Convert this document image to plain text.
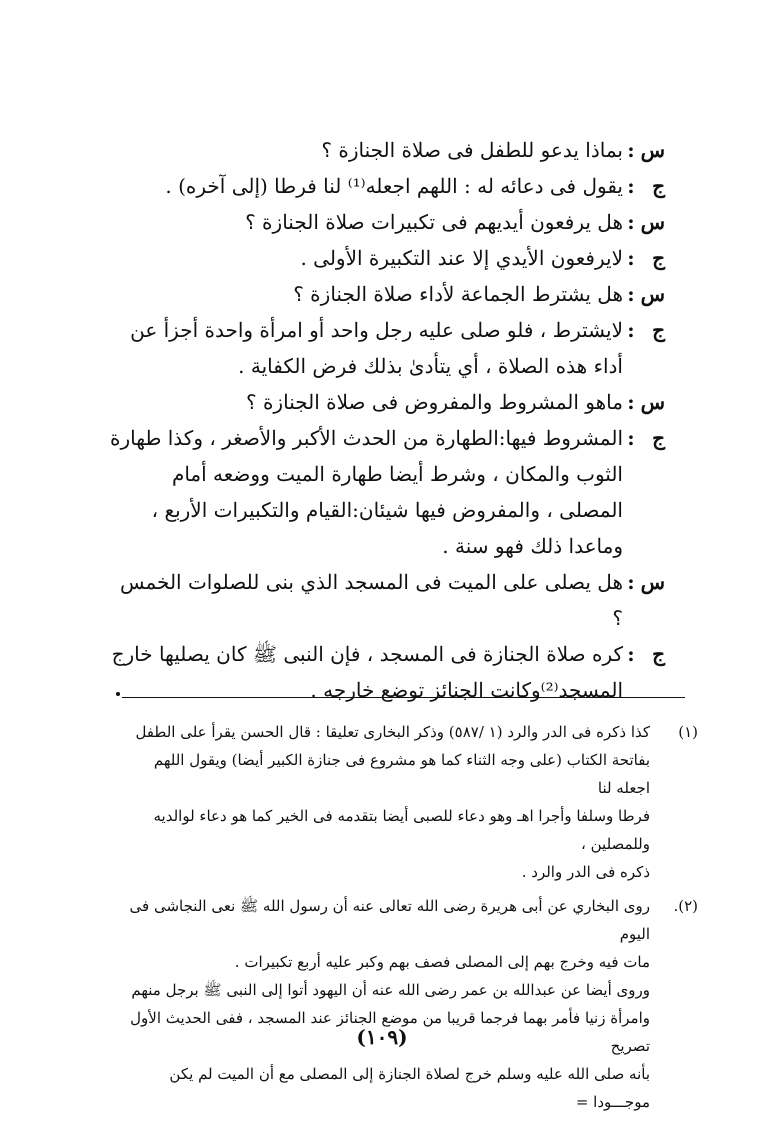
س
:
بماذا يدعو للطفل فى صلاة الجنازة ؟
ج
:
يقول فى دعائه له : اللهم اجعله⁽¹⁾ لنا فرطا (إلى آخره) .
س
:
هل يرفعون أيديهم فى تكبيرات صلاة الجنازة ؟
ج
:
لايرفعون الأيدي إلا عند التكبيرة الأولى .
س
:
هل يشترط الجماعة لأداء صلاة الجنازة ؟
ج
:
لايشترط ، فلو صلى عليه رجل واحد أو امرأة واحدة أجزأ عن أداء هذه الصلاة ، أي يتأدىٰ بذلك فرض الكفاية .
س
:
ماهو المشروط والمفروض فى صلاة الجنازة ؟
ج
:
المشروط فيها:الطهارة من الحدث الأكبر والأصغر ، وكذا طهارة الثوب والمكان ، وشرط أيضا طهارة الميت ووضعه أمام المصلى ، والمفروض فيها شيئان:القيام والتكبيرات الأربع ، وماعدا ذلك فهو سنة .
س
:
هل يصلى على الميت فى المسجد الذي بنى للصلوات الخمس ؟
ج
:
كره صلاة الجنازة فى المسجد ، فإن النبى ﷺ كان يصليها خارج المسجد⁽²⁾وكانت الجنائز توضع خارجه .
(١)

كذا ذكره فى الدر والرد (١ /٥٨٧) وذكر البخارى تعليقا : قال الحسن يقرأ على الطفل

بفاتحة الكتاب (على وجه الثناء كما هو مشروع فى جنازة الكبير أيضا) ويقول اللهم اجعله لنا

فرطا وسلفا وأجرا اهـ وهو دعاء للصبى أيضا بتقدمه فى الخير كما هو دعاء لوالديه وللمصلين ،

ذكره فى الدر والرد .

(٢).

روى البخاري عن أبى هريرة رضى الله تعالى عنه أن رسول الله ﷺ نعى النجاشى فى اليوم

مات فيه وخرج بهم إلى المصلى فصف بهم وكبر عليه أربع تكبيرات .

وروى أيضا عن عبدالله بن عمر رضى الله عنه أن اليهود أتوا إلى النبى ﷺ برجل منهم

وامرأة زنيا فأمر بهما فرجما قريبا من موضع الجنائز عند المسجد ، ففى الحديث الأول تصريح

بأنه صلى الله عليه وسلم خرج لصلاة الجنازة إلى المصلى مع أن الميت لم يكن موجـــودا =

(١٠٩)
